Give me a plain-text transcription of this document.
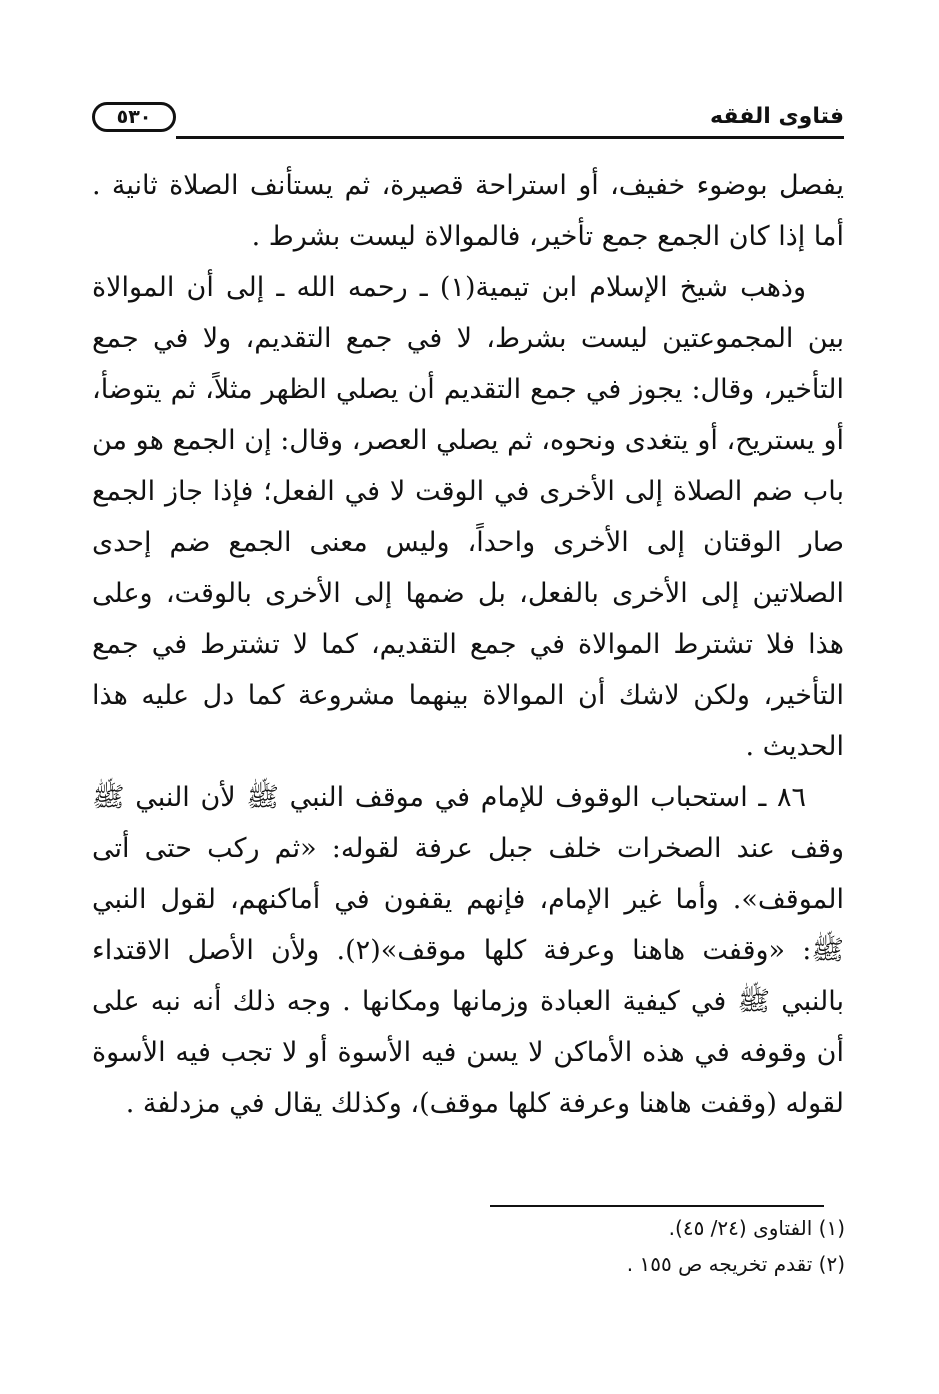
فتاوى الفقه
٥٣٠

يفصل بوضوء خفيف، أو استراحة قصيرة، ثم يستأنف الصلاة ثانية . أما إذا كان الجمع جمع تأخير، فالموالاة ليست بشرط .

وذهب شيخ الإسلام ابن تيمية(١) ـ رحمه الله ـ إلى أن الموالاة بين المجموعتين ليست بشرط، لا في جمع التقديم، ولا في جمع التأخير، وقال: يجوز في جمع التقديم أن يصلي الظهر مثلاً، ثم يتوضأ، أو يستريح، أو يتغدى ونحوه، ثم يصلي العصر، وقال: إن الجمع هو من باب ضم الصلاة إلى الأخرى في الوقت لا في الفعل؛ فإذا جاز الجمع صار الوقتان إلى الأخرى واحداً، وليس معنى الجمع ضم إحدى الصلاتين إلى الأخرى بالفعل، بل ضمها إلى الأخرى بالوقت، وعلى هذا فلا تشترط الموالاة في جمع التقديم، كما لا تشترط في جمع التأخير، ولكن لاشك أن الموالاة بينهما مشروعة كما دل عليه هذا الحديث .

٨٦ ـ استحباب الوقوف للإمام في موقف النبي ﷺ لأن النبي ﷺ وقف عند الصخرات خلف جبل عرفة لقوله: «ثم ركب حتى أتى الموقف». وأما غير الإمام، فإنهم يقفون في أماكنهم، لقول النبي ﷺ: «وقفت هاهنا وعرفة كلها موقف»(٢). ولأن الأصل الاقتداء بالنبي ﷺ في كيفية العبادة وزمانها ومكانها . وجه ذلك أنه نبه على أن وقوفه في هذه الأماكن لا يسن فيه الأسوة أو لا تجب فيه الأسوة لقوله (وقفت هاهنا وعرفة كلها موقف)، وكذلك يقال في مزدلفة .

(١) الفتاوى (٢٤/ ٤٥).

(٢) تقدم تخريجه ص ١٥٥ .
